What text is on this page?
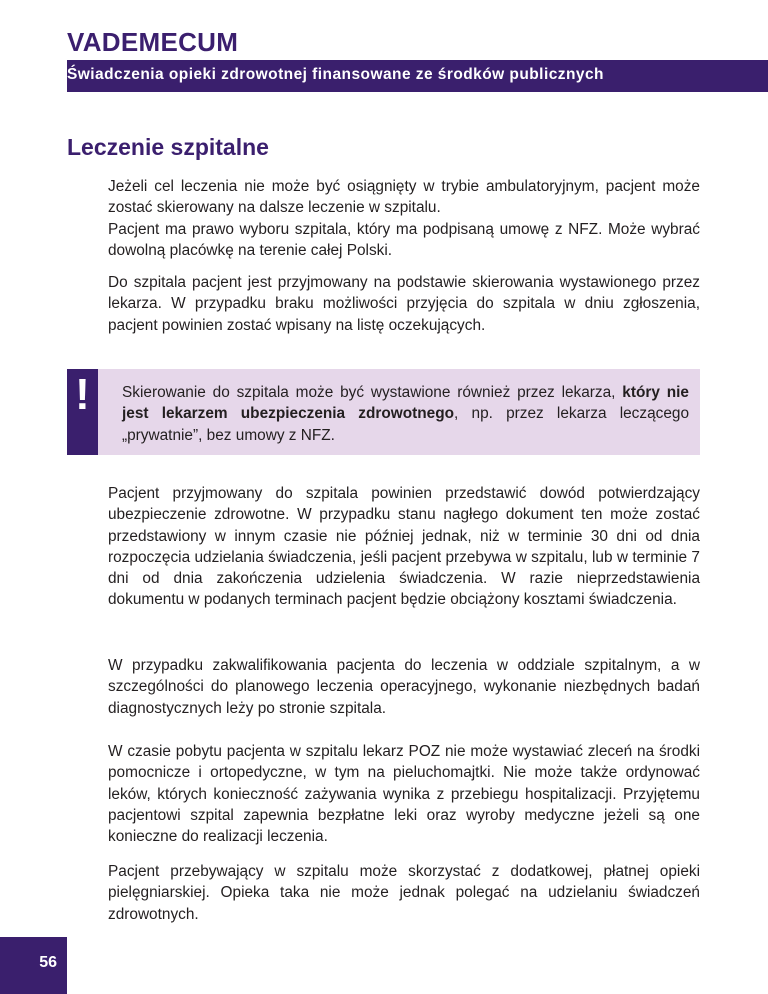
VADEMECUM
Świadczenia opieki zdrowotnej finansowane ze środków publicznych
Leczenie szpitalne

Jeżeli cel leczenia nie może być osiągnięty w trybie ambulatoryjnym, pacjent może zostać skierowany na dalsze leczenie w szpitalu.

Pacjent ma prawo wyboru szpitala, który ma podpisaną umowę z NFZ. Może wybrać dowolną placówkę na terenie całej Polski.

Do szpitala pacjent jest przyjmowany na podstawie skierowania wystawionego przez lekarza. W przypadku braku możliwości przyjęcia do szpitala w dniu zgłoszenia, pacjent powinien zostać wpisany na listę oczekujących.

!	Skierowanie do szpitala może być wystawione również przez lekarza, który nie jest lekarzem ubezpieczenia zdrowotnego, np. przez lekarza leczącego „prywatnie”, bez umowy z NFZ.

Pacjent przyjmowany do szpitala powinien przedstawić dowód potwierdzający ubezpieczenie zdrowotne. W przypadku stanu nagłego dokument ten może zostać przedstawiony w innym czasie nie później jednak, niż w terminie 30 dni od dnia rozpoczęcia udzielania świadczenia, jeśli pacjent przebywa w szpitalu, lub w terminie 7 dni od dnia zakończenia udzielenia świadczenia. W razie nieprzedstawienia dokumentu w podanych terminach pacjent będzie obciążony kosztami świadczenia.

W przypadku zakwalifikowania pacjenta do leczenia w oddziale szpitalnym, a w szczególności do planowego leczenia operacyjnego, wykonanie niezbędnych badań diagnostycznych leży po stronie szpitala.

W czasie pobytu pacjenta w szpitalu lekarz POZ nie może wystawiać zleceń na środki pomocnicze i ortopedyczne, w tym na pieluchomajtki. Nie może także ordynować leków, których konieczność zażywania wynika z przebiegu hospitalizacji. Przyjętemu pacjentowi szpital zapewnia bezpłatne leki oraz wyroby medyczne jeżeli są one konieczne do realizacji leczenia.

Pacjent przebywający w szpitalu może skorzystać z dodatkowej, płatnej opieki pielęgniarskiej. Opieka taka nie może jednak polegać na udzielaniu świadczeń zdrowotnych.

56
